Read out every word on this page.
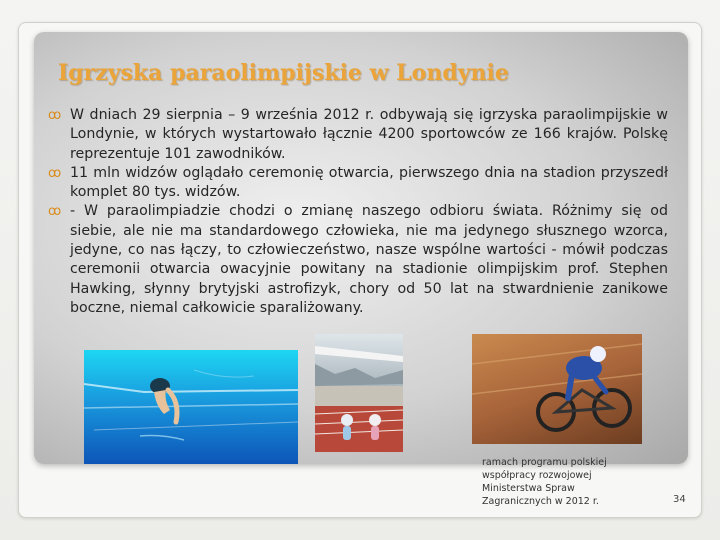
Igrzyska paraolimpijskie w Londynie
ꝏ W dniach 29 sierpnia – 9 września 2012 r. odbywają się igrzyska paraolimpijskie w Londynie, w których wystartowało łącznie 4200 sportowców ze 166 krajów. Polskę reprezentuje 101 zawodników.
ꝏ 11 mln widzów oglądało ceremonię otwarcia, pierwszego dnia na stadion przyszedł komplet 80 tys. widzów.
ꝏ - W paraolimpiadzie chodzi o zmianę naszego odbioru świata. Różnimy się od siebie, ale nie ma standardowego człowieka, nie ma jedynego słusznego wzorca, jedyne, co nas łączy, to człowieczeństwo, nasze wspólne wartości - mówił podczas ceremonii otwarcia owacyjnie powitany na stadionie olimpijskim prof. Stephen Hawking, słynny brytyjski astrofizyk, chory od 50 lat na stwardnienie zanikowe boczne, niemal całkowicie sparaliżowany.

ramach programu polskiej
współpracy rozwojowej
Ministerstwa Spraw
Zagranicznych w 2012 r.	34
